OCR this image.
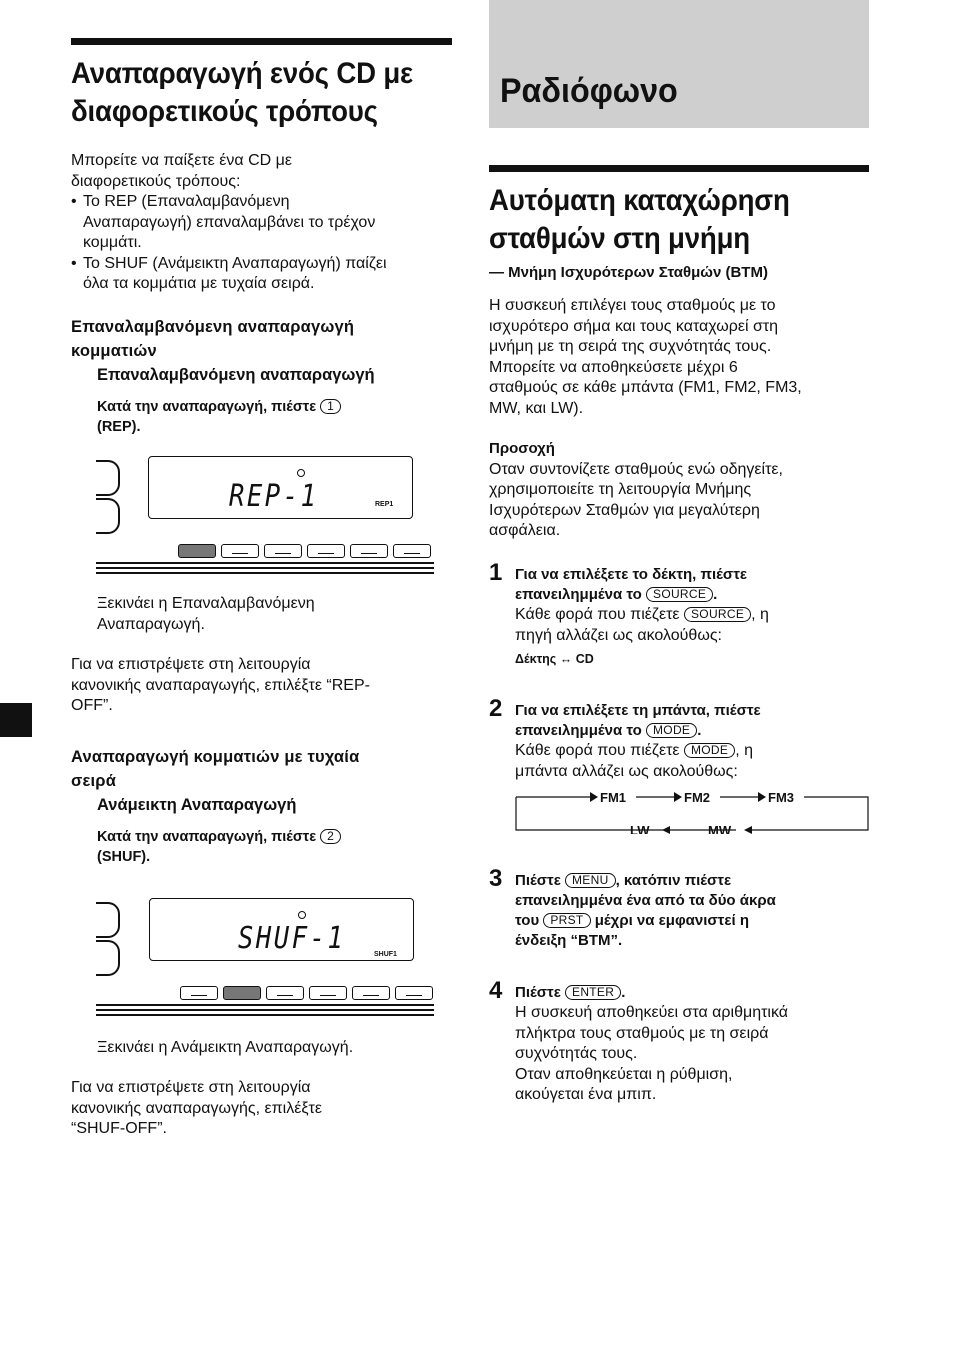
Αναπαραγωγή ενός CD με
διαφορετικούς τρόπους
Μπορείτε να παίξετε ένα CD με
διαφορετικούς τρόπους:
• Το REP (Επαναλαμβανόμενη
Αναπαραγωγή) επαναλαμβάνει το τρέχον
κομμάτι.
• Το SHUF (Ανάμεικτη Αναπαραγωγή) παίζει
όλα τα κομμάτια με τυχαία σειρά.
Επαναλαμβανόμενη αναπαραγωγή
κομματιών
Επαναλαμβανόμενη αναπαραγωγή
Κατά την αναπαραγωγή, πιέστε 1
(REP).
REP-1	REP1
Ξεκινάει η Επαναλαμβανόμενη
Αναπαραγωγή.
Για να επιστρέψετε στη λειτουργία
κανονικής αναπαραγωγής, επιλέξτε “REP-
OFF”.
Αναπαραγωγή κομματιών με τυχαία
σειρά
Ανάμεικτη Αναπαραγωγή
Κατά την αναπαραγωγή, πιέστε 2
(SHUF).
SHUF-1	SHUF1
Ξεκινάει η Ανάμεικτη Αναπαραγωγή.
Για να επιστρέψετε στη λειτουργία
κανονικής αναπαραγωγής, επιλέξτε
“SHUF-OFF”.
Ραδιόφωνο
Αυτόματη καταχώρηση
σταθμών στη μνήμη
— Μνήμη Ισχυρότερων Σταθμών (BTM)
Η συσκευή επιλέγει τους σταθμούς με το
ισχυρότερο σήμα και τους καταχωρεί στη
μνήμη με τη σειρά της συχνότητάς τους.
Μπορείτε να αποθηκεύσετε μέχρι 6
σταθμούς σε κάθε μπάντα (FM1, FM2, FM3,
MW, και LW).
Προσοχή
Οταν συντονίζετε σταθμούς ενώ οδηγείτε,
χρησιμοποιείτε τη λειτουργία Μνήμης
Ισχυρότερων Σταθμών για μεγαλύτερη
ασφάλεια.
1 Για να επιλέξετε το δέκτη, πιέστε
επανειλημμένα το SOURCE .
Κάθε φορά που πιέζετε SOURCE , η
πηγή αλλάζει ως ακολούθως:
Δέκτης ↔ CD
2 Για να επιλέξετε τη μπάντα, πιέστε
επανειλημμένα το MODE .
Κάθε φορά που πιέζετε MODE , η
μπάντα αλλάζει ως ακολούθως:
FM1	FM2	FM3
MW
LW
3 Πιέστε MENU , κατόπιν πιέστε
επανειλημμένα ένα από τα δύο άκρα
του PRST μέχρι να εμφανιστεί η
ένδειξη “BTM”.
4 Πιέστε ENTER .
Η συσκευή αποθηκεύει στα αριθμητικά
πλήκτρα τους σταθμούς με τη σειρά
συχνότητάς τους.
Οταν αποθηκεύεται η ρύθμιση,
ακούγεται ένα μπιπ.
